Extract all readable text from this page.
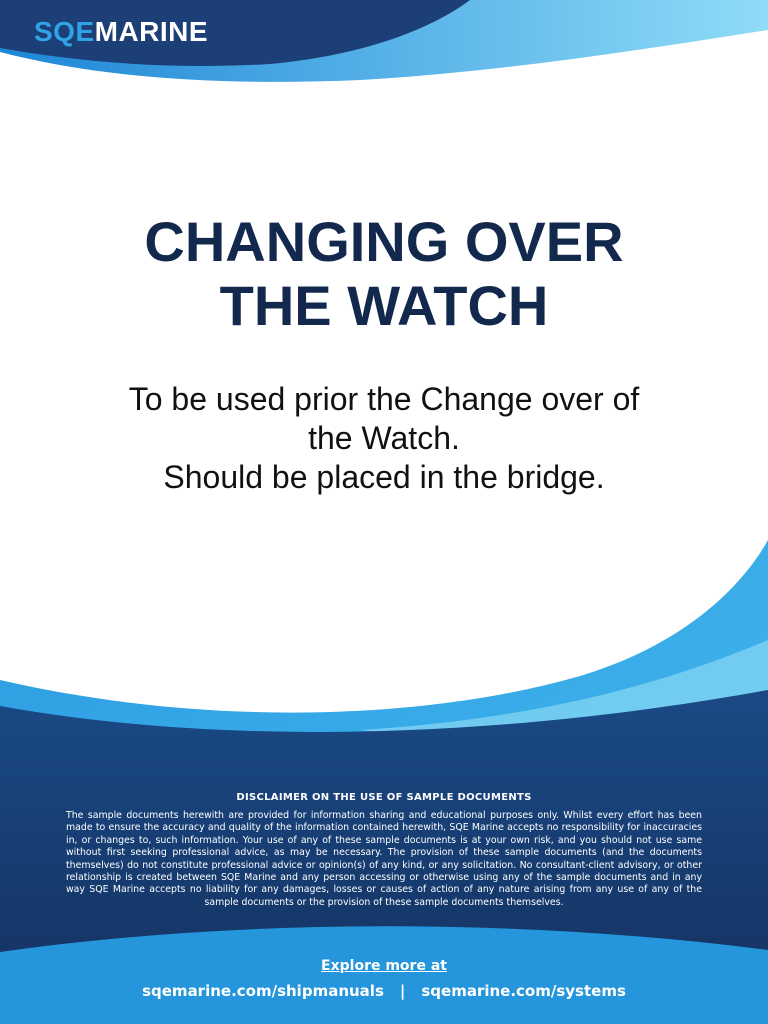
SQEMARINE
CHANGING OVER
THE WATCH
To be used prior the Change over of
the Watch.
Should be placed in the bridge.
DISCLAIMER ON THE USE OF SAMPLE DOCUMENTS
The sample documents herewith are provided for information sharing and educational purposes only. Whilst every effort has been made to ensure the accuracy and quality of the information contained herewith, SQE Marine accepts no responsibility for inaccuracies in, or changes to, such information. Your use of any of these sample documents is at your own risk, and you should not use same without first seeking professional advice, as may be necessary. The provision of these sample documents (and the documents themselves) do not constitute professional advice or opinion(s) of any kind, or any solicitation. No consultant-client advisory, or other relationship is created between SQE Marine and any person accessing or otherwise using any of the sample documents and in any way SQE Marine accepts no liability for any damages, losses or causes of action of any nature arising from any use of any of the sample documents or the provision of these sample documents themselves.
Explore more at
sqemarine.com/shipmanuals | sqemarine.com/systems
